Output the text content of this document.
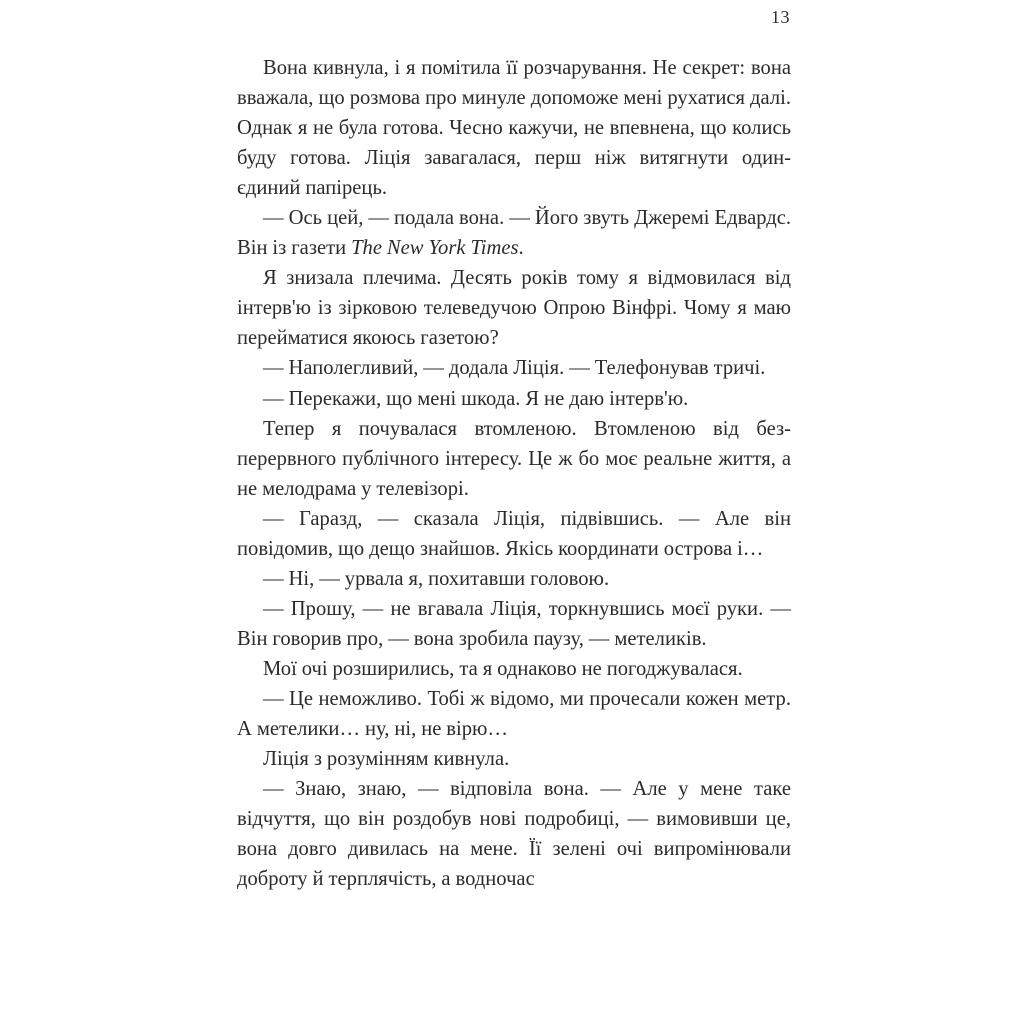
13

Вона кивнула, і я помітила її розчарування. Не секрет: вона вважала, що розмова про минуле допоможе мені рухатися далі. Однак я не була готова. Чесно кажучи, не впевнена, що колись буду готова. Ліція завагалася, перш ніж витягнути один-єдиний папірець.

— Ось цей, — подала вона. — Його звуть Джеремі Едвардс. Він із газети The New York Times.

Я знизала плечима. Десять років тому я відмовилася від інтерв'ю із зірковою телеведучою Опрою Вінфрі. Чому я маю перейматися якоюсь газетою?

— Наполегливий, — додала Ліція. — Телефонував тричі.

— Перекажи, що мені шкода. Я не даю інтерв'ю.

Тепер я почувалася втомленою. Втомленою від безперервного публічного інтересу. Це ж бо моє реальне життя, а не мелодрама у телевізорі.

— Гаразд, — сказала Ліція, підвівшись. — Але він повідомив, що дещо знайшов. Якісь координати острова і…

— Ні, — урвала я, похитавши головою.

— Прошу, — не вгавала Ліція, торкнувшись моєї руки. — Він говорив про, — вона зробила паузу, — метеликів.

Мої очі розширились, та я однаково не погоджувалася.

— Це неможливо. Тобі ж відомо, ми прочесали кожен метр. А метелики… ну, ні, не вірю…

Ліція з розумінням кивнула.

— Знаю, знаю, — відповіла вона. — Але у мене таке відчуття, що він роздобув нові подробиці, — вимовивши це, вона довго дивилась на мене. Її зелені очі випромінювали доброту й терплячість, а водночас
